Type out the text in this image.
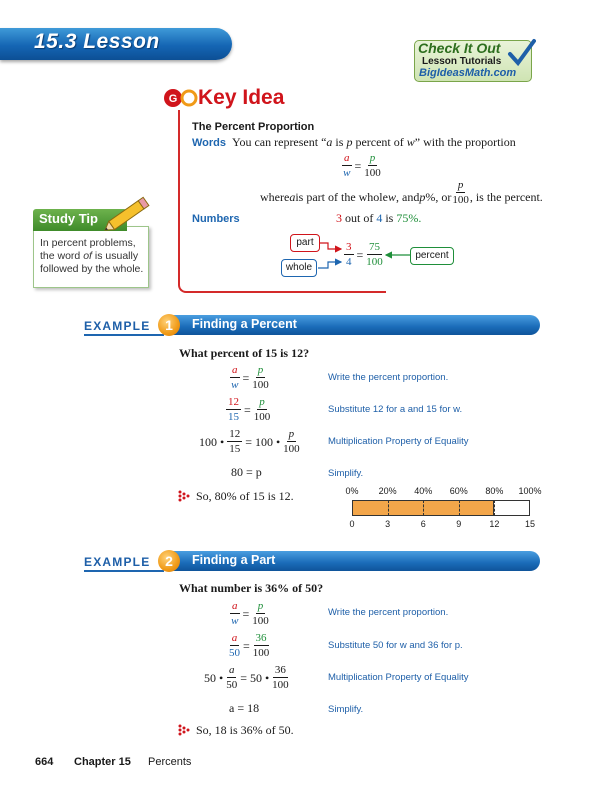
15.3 Lesson	Check It Out
Lesson Tutorials
BigIdeasMath.com
G Key Idea
The Percent Proportion
Words You can represent “a is p percent of w” with the proportion
$\frac{a}{w} = \frac{p}{100}$
where a is part of the whole w , and p %, or $\frac{p}{100}$ , is the percent.
Numbers	3 out of 4 is 75%.
part
whole
percent
$\frac{3}{4} = \frac{75}{100}$
Study Tip
In percent problems, the word of is usually followed by the whole.
EXAMPLE	1	Finding a Percent
What percent of 15 is 12?
$\frac{a}{w} = \frac{p}{100}$	Write the percent proportion.
$\frac{12}{15} = \frac{p}{100}$	Substitute 12 for a and 15 for w.
100 • $\frac{12}{15} = 100$ • $\frac{p}{100}$	Multiplication Property of Equality
80 = p	Simplify.
So, 80% of 15 is 12.	0% 20% 40% 60% 80% 100%
0	3	6	9	12	15
EXAMPLE	2	Finding a Part
What number is 36% of 50?
$\frac{a}{w} = \frac{p}{100}$	Write the percent proportion.
$\frac{a}{50} = \frac{36}{100}$	Substitute 50 for w and 36 for p.
50 • $\frac{a}{50} = 50$ • $\frac{36}{100}$	Multiplication Property of Equality
a = 18	Simplify.
So, 18 is 36% of 50.
664 Chapter 15 Percents
